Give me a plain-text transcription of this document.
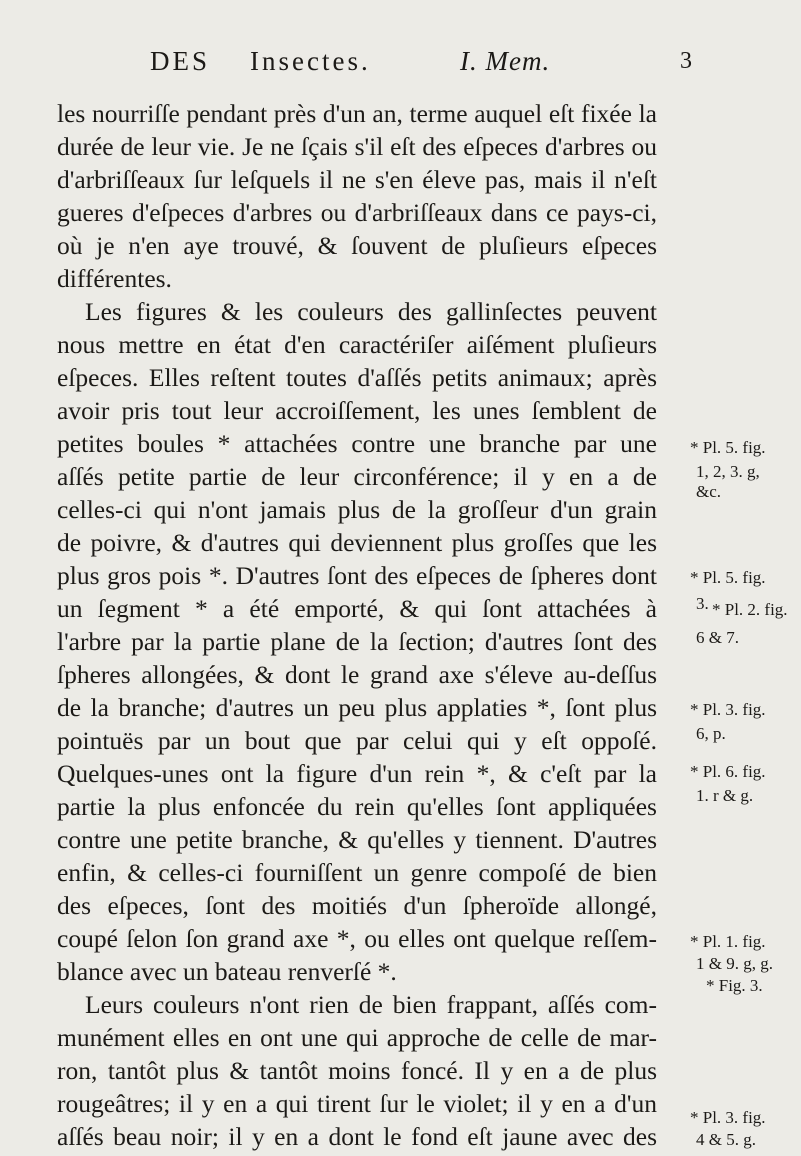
DES Insectes.	I. Mem.	3
les nourriſſe pendant près d'un an, terme auquel eſt fixée la
durée de leur vie. Je ne ſçais s'il eſt des eſpeces d'arbres ou
d'arbriſſeaux ſur leſquels il ne s'en éleve pas, mais il n'eſt
gueres d'eſpeces d'arbres ou d'arbriſſeaux dans ce pays-ci,
où je n'en aye trouvé, & ſouvent de pluſieurs eſpeces
différentes.
Les figures & les couleurs des gallinſectes peuvent
nous mettre en état d'en caractériſer aiſément pluſieurs
eſpeces. Elles reſtent toutes d'aſſés petits animaux; après
avoir pris tout leur accroiſſement, les unes ſemblent de
petites boules * attachées contre une branche par une
aſſés petite partie de leur circonférence; il y en a de
celles-ci qui n'ont jamais plus de la groſſeur d'un grain
de poivre, & d'autres qui deviennent plus groſſes que les
plus gros pois *. D'autres ſont des eſpeces de ſpheres dont
un ſegment * a été emporté, & qui ſont attachées à
l'arbre par la partie plane de la ſection; d'autres ſont des
ſpheres allongées, & dont le grand axe s'éleve au-deſſus
de la branche; d'autres un peu plus applaties *, ſont plus
pointuës par un bout que par celui qui y eſt oppoſé.
Quelques-unes ont la figure d'un rein *, & c'eſt par la
partie la plus enfoncée du rein qu'elles ſont appliquées
contre une petite branche, & qu'elles y tiennent. D'autres
enfin, & celles-ci fourniſſent un genre compoſé de bien
des eſpeces, ſont des moitiés d'un ſpheroïde allongé,
coupé ſelon ſon grand axe *, ou elles ont quelque reſſem-
blance avec un bateau renverſé *.
Leurs couleurs n'ont rien de bien frappant, aſſés com-
munément elles en ont une qui approche de celle de mar-
ron, tantôt plus & tantôt moins foncé. Il y en a de plus
rougeâtres; il y en a qui tirent ſur le violet; il y en a d'un
aſſés beau noir; il y en a dont le fond eſt jaune avec des
* Pl. 5. fig.
1, 2, 3. g,
&c.
* Pl. 5. fig.
3. * Pl. 2. fig.
6 & 7.
* Pl. 3. fig.
6, p.
* Pl. 6. fig.
1. r & g.
* Pl. 1. fig.
1 & 9. g, g.
* Fig. 3.
* Pl. 3. fig.
4 & 5. g.
